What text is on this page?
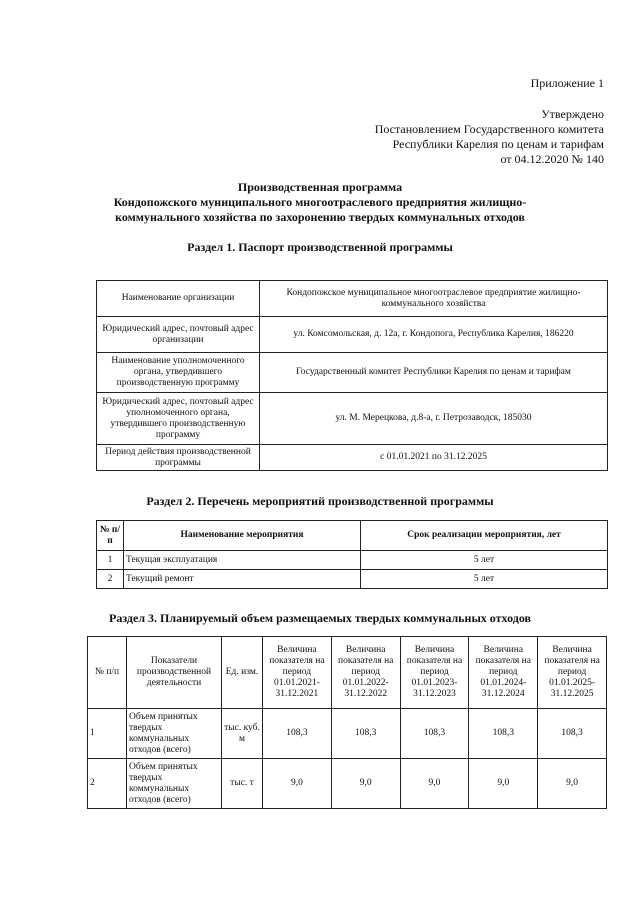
Приложение 1
Утверждено
Постановлением Государственного комитета
Республики Карелия по ценам и тарифам
от 04.12.2020 № 140
Производственная программа
Кондопожского муниципального многоотраслевого предприятия жилищно-
коммунального хозяйства по захоронению твердых коммунальных отходов
Раздел 1. Паспорт производственной программы
Наименование организации	Кондопожское муниципальное многоотраслевое предприятие жилищно-коммунального хозяйства
Юридический адрес, почтовый адрес организации	ул. Комсомольская, д. 12а, г. Кондопога, Республика Карелия, 186220
Наименование уполномоченного органа, утвердившего производственную программу	Государственный комитет Республики Карелия по ценам и тарифам
Юридический адрес, почтовый адрес уполномоченного органа, утвердившего производственную программу	ул. М. Мерецкова, д.8-а, г. Петрозаводск, 185030
Период действия производственной программы	с 01.01.2021 по 31.12.2025
Раздел 2. Перечень мероприятий производственной программы
№ п/п	Наименование мероприятия	Срок реализации мероприятия, лет
1	Текущая эксплуатация	5 лет
2	Текущий ремонт	5 лет
Раздел 3. Планируемый объем размещаемых твердых коммунальных отходов
№ п/п	Показатели производственной деятельности	Ед. изм.	Величина показателя на период 01.01.2021-31.12.2021	Величина показателя на период 01.01.2022-31.12.2022	Величина показателя на период 01.01.2023-31.12.2023	Величина показателя на период 01.01.2024-31.12.2024	Величина показателя на период 01.01.2025-31.12.2025
1	Объем принятых твердых коммунальных отходов (всего)	тыс. куб. м	108,3	108,3	108,3	108,3	108,3
2	Объем принятых твердых коммунальных отходов (всего)	тыс. т	9,0	9,0	9,0	9,0	9,0
